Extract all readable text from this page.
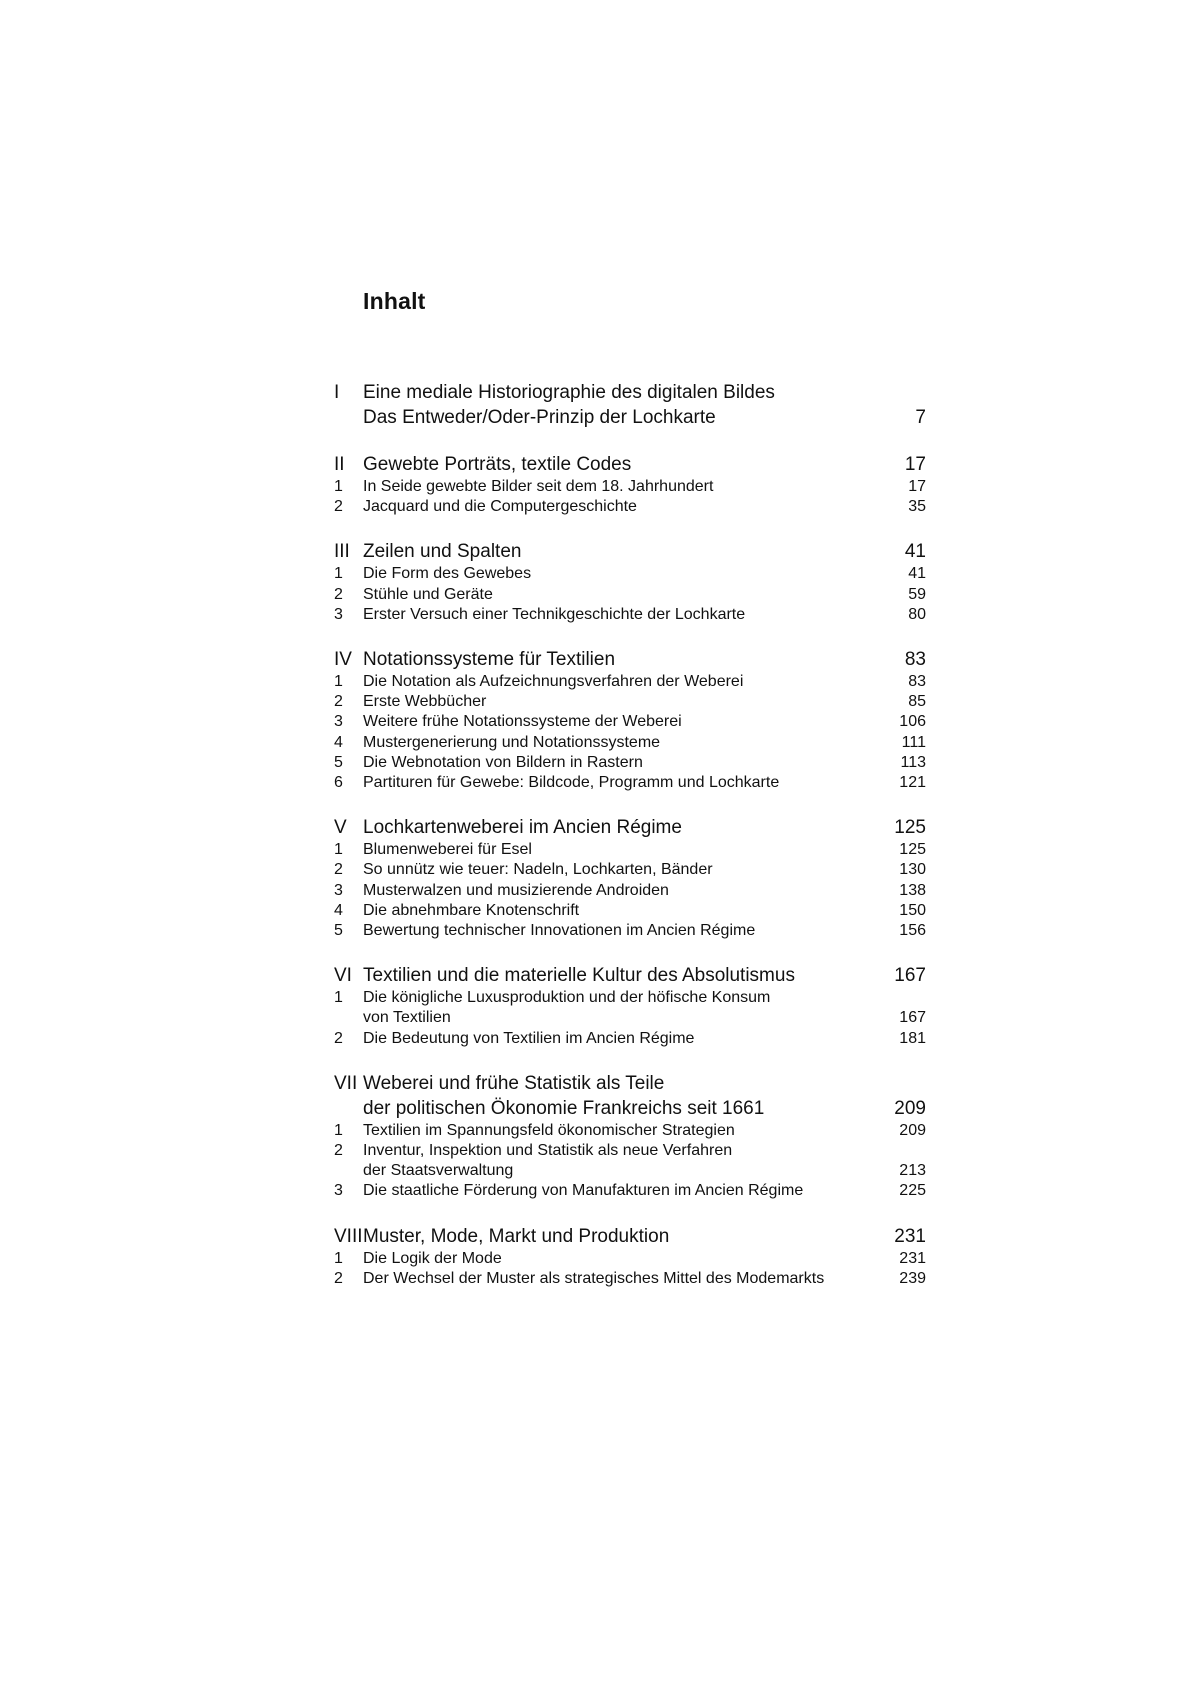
Inhalt
I	Eine mediale Historiographie des digitalen Bildes
Das Entweder/Oder-Prinzip der Lochkarte	7
II Gewebte Porträts, textile Codes	17
1	In Seide gewebte Bilder seit dem 18. Jahrhundert	17
2	Jacquard und die Computergeschichte	35
III Zeilen und Spalten	41
1	Die Form des Gewebes	41
2	Stühle und Geräte	59
3	Erster Versuch einer Technikgeschichte der Lochkarte	80
IV Notationssysteme für Textilien	83
1	Die Notation als Aufzeichnungsverfahren der Weberei	83
2	Erste Webbücher	85
3	Weitere frühe Notationssysteme der Weberei	106
4	Mustergenerierung und Notationssysteme	111
5	Die Webnotation von Bildern in Rastern	113
6	Partituren für Gewebe: Bildcode, Programm und Lochkarte	121
V Lochkartenweberei im Ancien Régime	125
1	Blumenweberei für Esel	125
2	So unnütz wie teuer: Nadeln, Lochkarten, Bänder	130
3	Musterwalzen und musizierende Androiden	138
4	Die abnehmbare Knotenschrift	150
5	Bewertung technischer Innovationen im Ancien Régime	156
VI Textilien und die materielle Kultur des Absolutismus	167
1	Die königliche Luxusproduktion und der höfische Konsum
von Textilien	167
2	Die Bedeutung von Textilien im Ancien Régime	181
VII Weberei und frühe Statistik als Teile
der politischen Ökonomie Frankreichs seit 1661	209
1	Textilien im Spannungsfeld ökonomischer Strategien	209
2	Inventur, Inspektion und Statistik als neue Verfahren
der Staatsverwaltung	213
3	Die staatliche Förderung von Manufakturen im Ancien Régime	225
VIII Muster, Mode, Markt und Produktion	231
1	Die Logik der Mode	231
2	Der Wechsel der Muster als strategisches Mittel des Modemarkts	239
